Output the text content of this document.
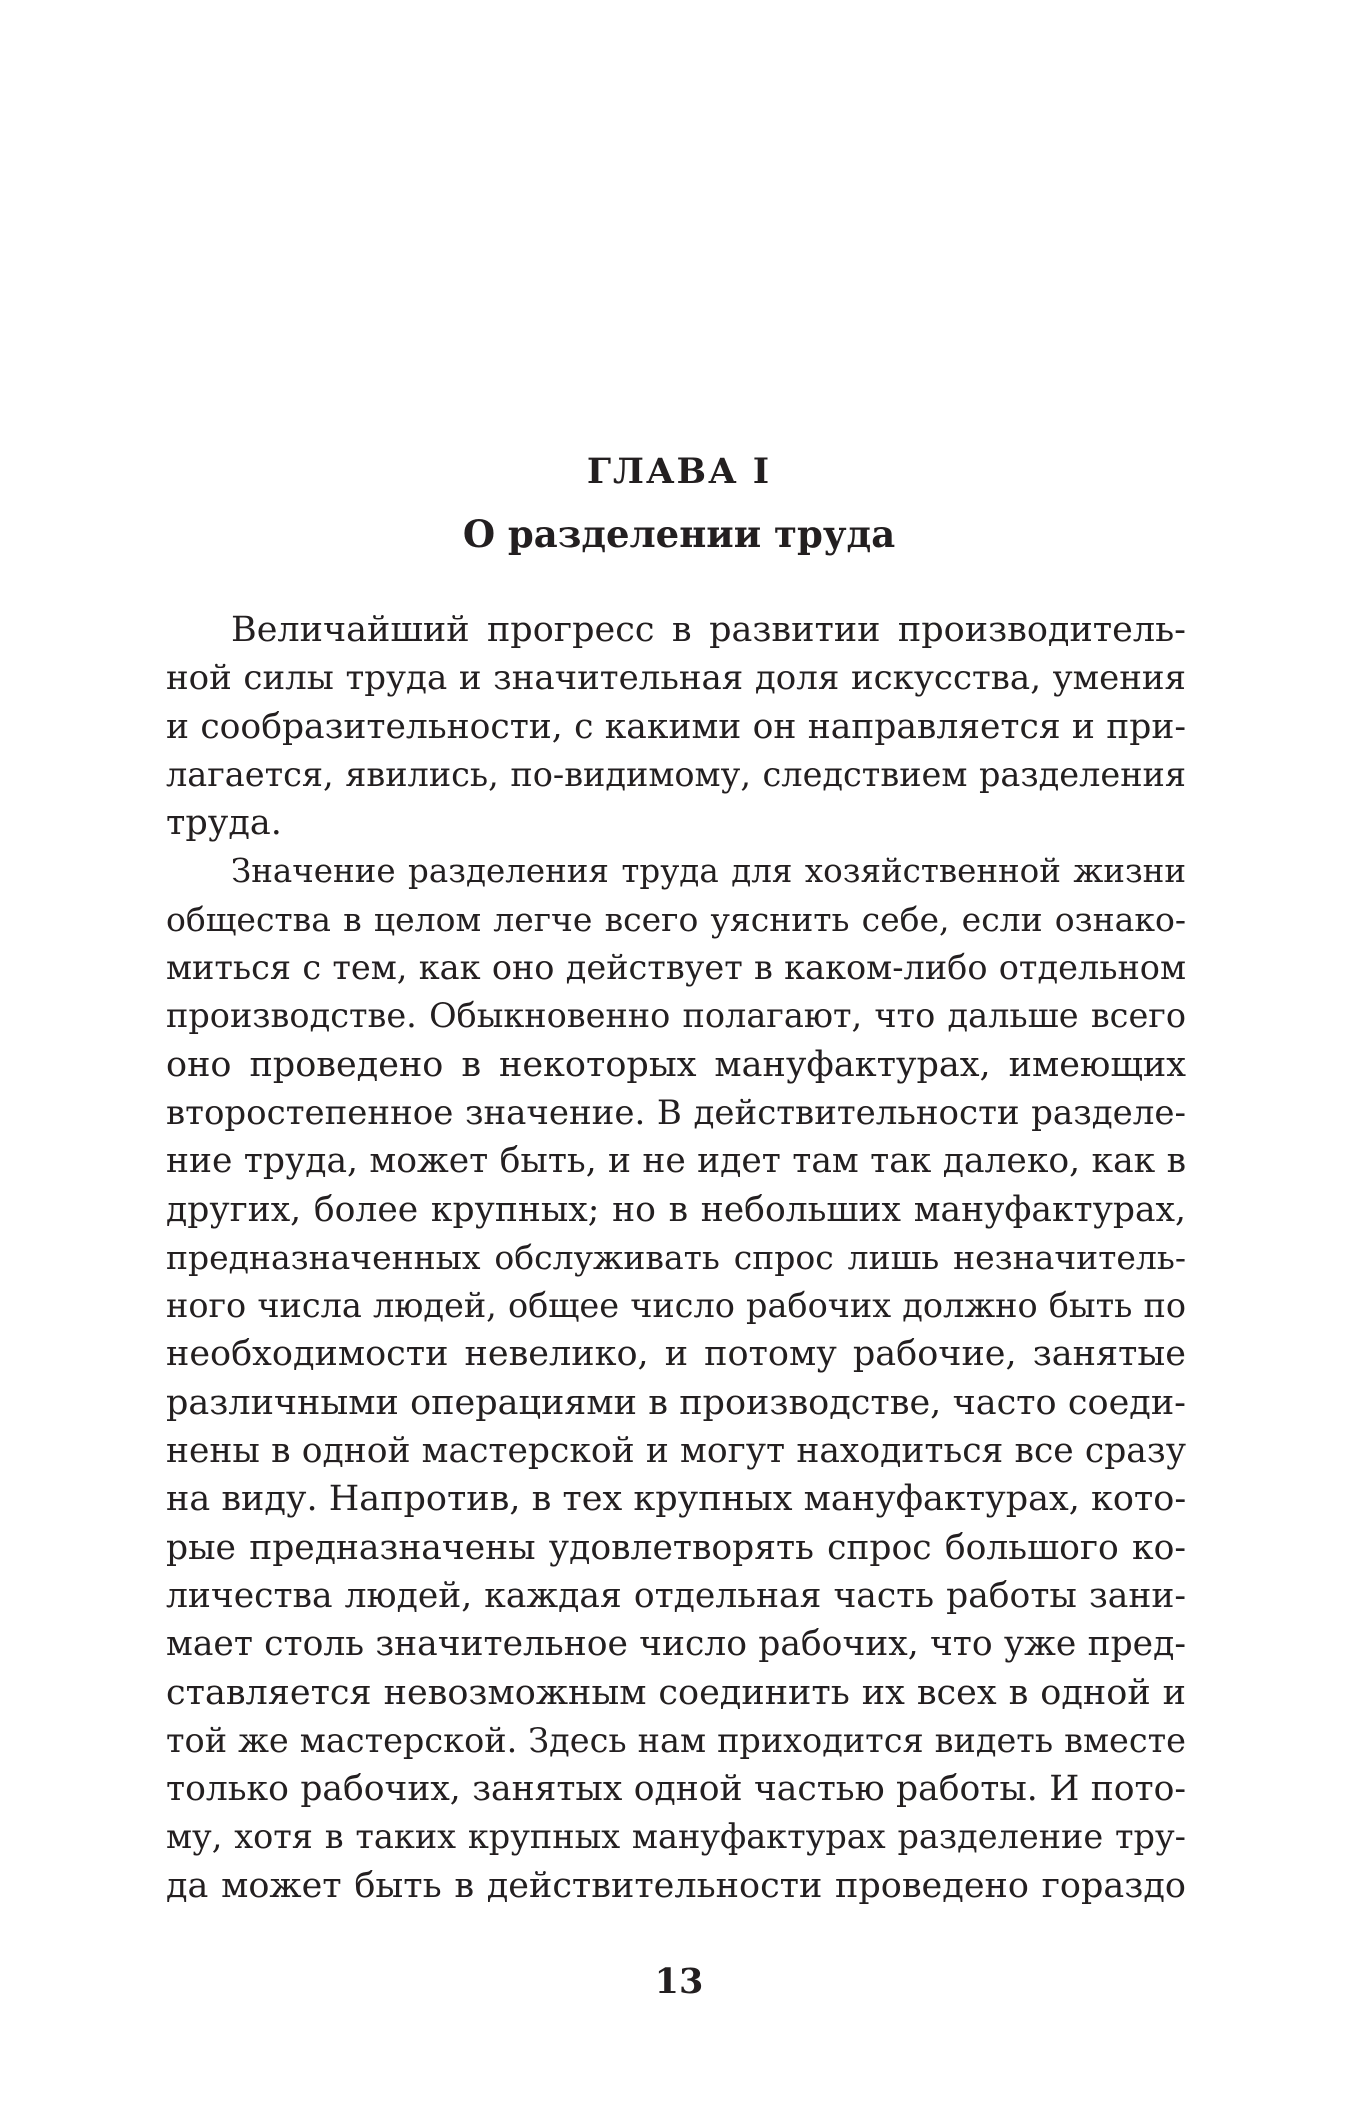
ГЛАВА I
О разделении труда
Величайший прогресс в развитии производитель-
ной силы труда и значительная доля искусства, умения
и сообразительности, с какими он направляется и при-
лагается, явились, по-видимому, следствием разделения
труда.
Значение разделения труда для хозяйственной жизни
общества в целом легче всего уяснить себе, если ознако-
миться с тем, как оно действует в каком-либо отдельном
производстве. Обыкновенно полагают, что дальше всего
оно проведено в некоторых мануфактурах, имеющих
второстепенное значение. В действительности разделе-
ние труда, может быть, и не идет там так далеко, как в
других, более крупных; но в небольших мануфактурах,
предназначенных обслуживать спрос лишь незначитель-
ного числа людей, общее число рабочих должно быть по
необходимости невелико, и потому рабочие, занятые
различными операциями в производстве, часто соеди-
нены в одной мастерской и могут находиться все сразу
на виду. Напротив, в тех крупных мануфактурах, кото-
рые предназначены удовлетворять спрос большого ко-
личества людей, каждая отдельная часть работы зани-
мает столь значительное число рабочих, что уже пред-
ставляется невозможным соединить их всех в одной и
той же мастерской. Здесь нам приходится видеть вместе
только рабочих, занятых одной частью работы. И пото-
му, хотя в таких крупных мануфактурах разделение тру-
да может быть в действительности проведено гораздо
13
